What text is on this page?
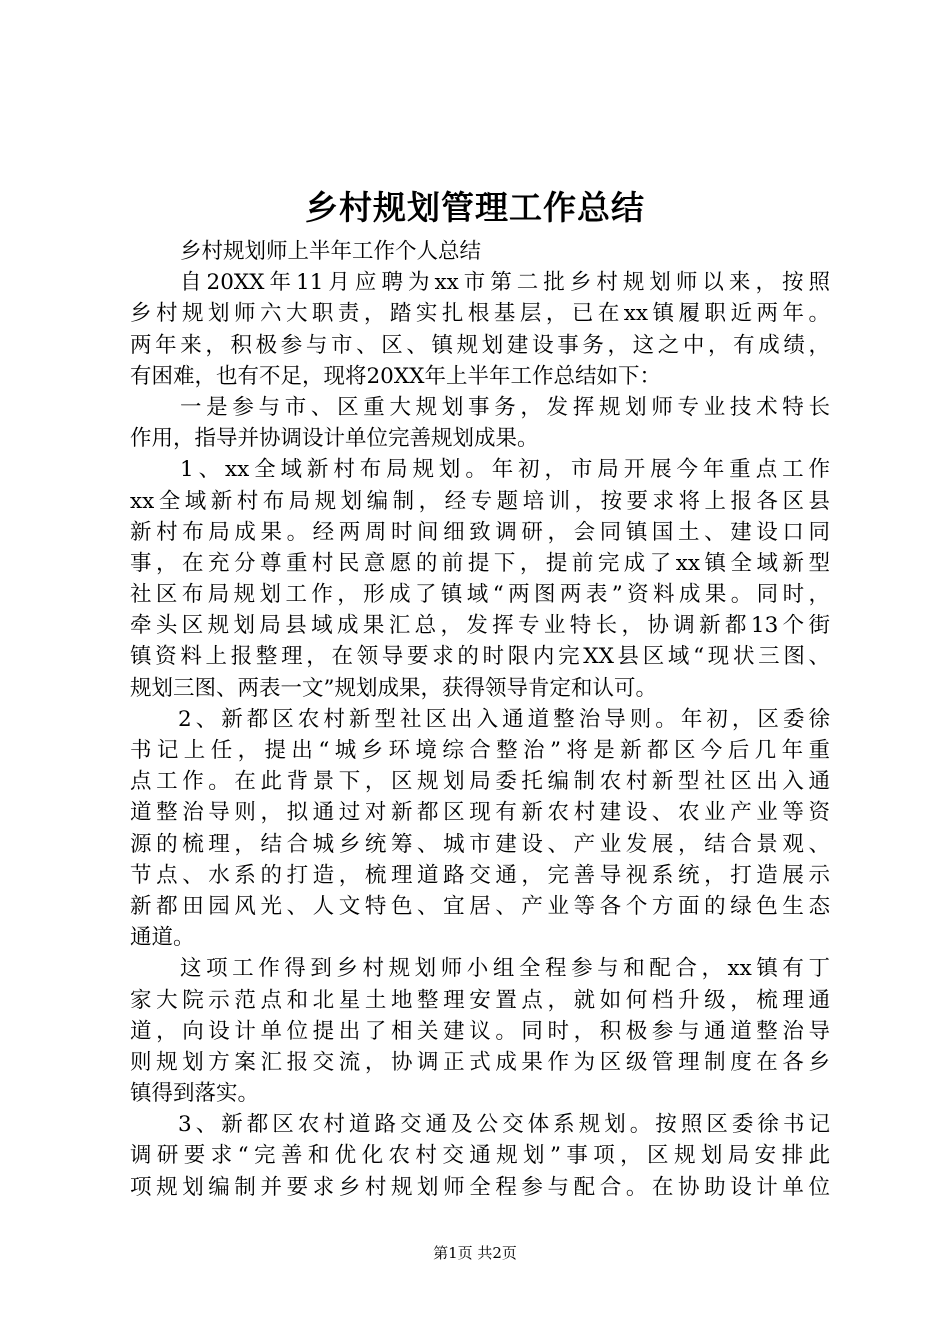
乡村规划管理工作总结
乡村规划师上半年工作个人总结
自20XX年11月应聘为xx市第二批乡村规划师以来，按照
乡村规划师六大职责，踏实扎根基层，已在xx镇履职近两年。
两年来，积极参与市、区、镇规划建设事务，这之中，有成绩，
有困难，也有不足，现将20XX年上半年工作总结如下：
一是参与市、区重大规划事务，发挥规划师专业技术特长
作用，指导并协调设计单位完善规划成果。
1、xx全域新村布局规划。年初，市局开展今年重点工作
xx全域新村布局规划编制，经专题培训，按要求将上报各区县
新村布局成果。经两周时间细致调研，会同镇国土、建设口同
事，在充分尊重村民意愿的前提下，提前完成了xx镇全域新型
社区布局规划工作，形成了镇域“两图两表”资料成果。同时，
牵头区规划局县域成果汇总，发挥专业特长，协调新都13个街
镇资料上报整理，在领导要求的时限内完XX县区域“现状三图、
规划三图、两表一文”规划成果，获得领导肯定和认可。
2、新都区农村新型社区出入通道整治导则。年初，区委徐
书记上任，提出“城乡环境综合整治”将是新都区今后几年重
点工作。在此背景下，区规划局委托编制农村新型社区出入通
道整治导则，拟通过对新都区现有新农村建设、农业产业等资
源的梳理，结合城乡统筹、城市建设、产业发展，结合景观、
节点、水系的打造，梳理道路交通，完善导视系统，打造展示
新都田园风光、人文特色、宜居、产业等各个方面的绿色生态
通道。
这项工作得到乡村规划师小组全程参与和配合，xx镇有丁
家大院示范点和北星土地整理安置点，就如何档升级，梳理通
道，向设计单位提出了相关建议。同时，积极参与通道整治导
则规划方案汇报交流，协调正式成果作为区级管理制度在各乡
镇得到落实。
3、新都区农村道路交通及公交体系规划。按照区委徐书记
调研要求“完善和优化农村交通规划”事项，区规划局安排此
项规划编制并要求乡村规划师全程参与配合。在协助设计单位
第1页 共2页
